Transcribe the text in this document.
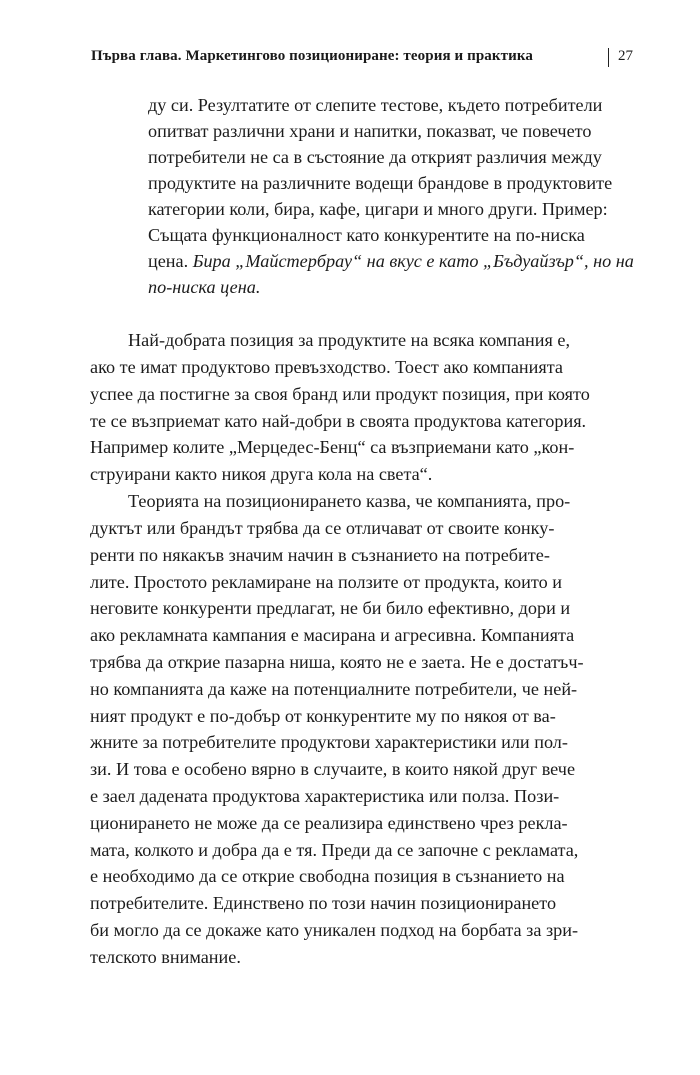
Първа глава. Маркетингово позициониране: теория и практика	27
ду си. Резултатите от слепите тестове, където потребители
опитват различни храни и напитки, показват, че повечето
потребители не са в състояние да открият различия между
продуктите на различните водещи брандове в продуктовите
категории коли, бира, кафе, цигари и много други. Пример:
Същата функционалност като конкурентите на по-ниска
цена. Бира „Майстербрау“ на вкус е като „Бъдуайзър“, но на
по-ниска цена.
Най-добрата позиция за продуктите на всяка компания е,
ако те имат продуктово превъзходство. Тоест ако компанията
успее да постигне за своя бранд или продукт позиция, при която
те се възприемат като най-добри в своята продуктова категория.
Например колите „Мерцедес-Бенц“ са възприемани като „кон-
струирани както никоя друга кола на света“.
Теорията на позиционирането казва, че компанията, про-
дуктът или брандът трябва да се отличават от своите конку-
ренти по някакъв значим начин в съзнанието на потребите-
лите. Простото рекламиране на ползите от продукта, които и
неговите конкуренти предлагат, не би било ефективно, дори и
ако рекламната кампания е масирана и агресивна. Компанията
трябва да открие пазарна ниша, която не е заета. Не е достатъч-
но компанията да каже на потенциалните потребители, че ней-
ният продукт е по-добър от конкурентите му по някоя от ва-
жните за потребителите продуктови характеристики или пол-
зи. И това е особено вярно в случаите, в които някой друг вече
е заел дадената продуктова характеристика или полза. Пози-
ционирането не може да се реализира единствено чрез рекла-
мата, колкото и добра да е тя. Преди да се започне с рекламата,
е необходимо да се открие свободна позиция в съзнанието на
потребителите. Единствено по този начин позиционирането
би могло да се докаже като уникален подход на борбата за зри-
телското внимание.
